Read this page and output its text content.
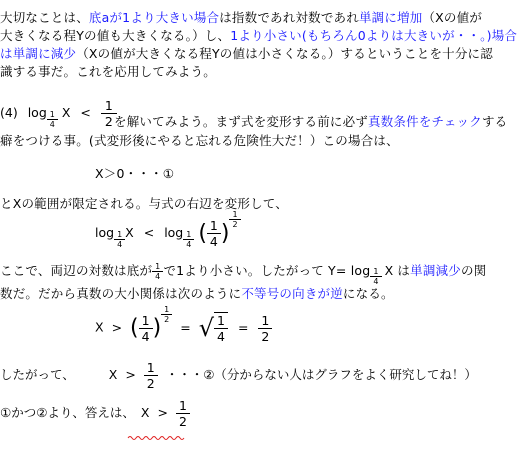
大切なことは、底aが1より大きい場合は指数であれ対数であれ単調に増加（Xの値が
大きくなる程Yの値も大きくなる。）し、1より小さい(もちろん0よりは大きいが・・。)場合
は単調に減少（Xの値が大きくなる程Yの値は小さくなる。）するということを十分に認
識する事だ。これを応用してみよう。
(4) $\log \frac{1}{4}$ $X < \frac{1}{2}$
を解いてみよう。まず式を変形する前に必ず真数条件をチェックする
癖をつける事。(式変形後にやると忘れる危険性大だ！）この場合は、
X＞0・・・①
とXの範囲が限定される。与式の右辺を変形して、
$\log \frac{1}{4}$ $X < \log \frac{1}{4}$ ( $\frac{1}{4}$ )
$\frac{1}{2}$
ここで、両辺の対数は底が $\frac{1}{4}$ で1より小さい。したがって $Y= \log \frac{1}{4}$ X は単調減少の関
数だ。だから真数の大小関係は次のように不等号の向きが逆になる。
X > ( $\frac{1}{4}$ )
$\frac{1}{2}$
= √ $\frac{1}{4} = \frac{1}{2}$
したがって、	$X > \frac{1}{2}$ ・・・②（分からない人はグラフをよく研究してね！）
①かつ②より、答えは、 $X > \frac{1}{2}$
